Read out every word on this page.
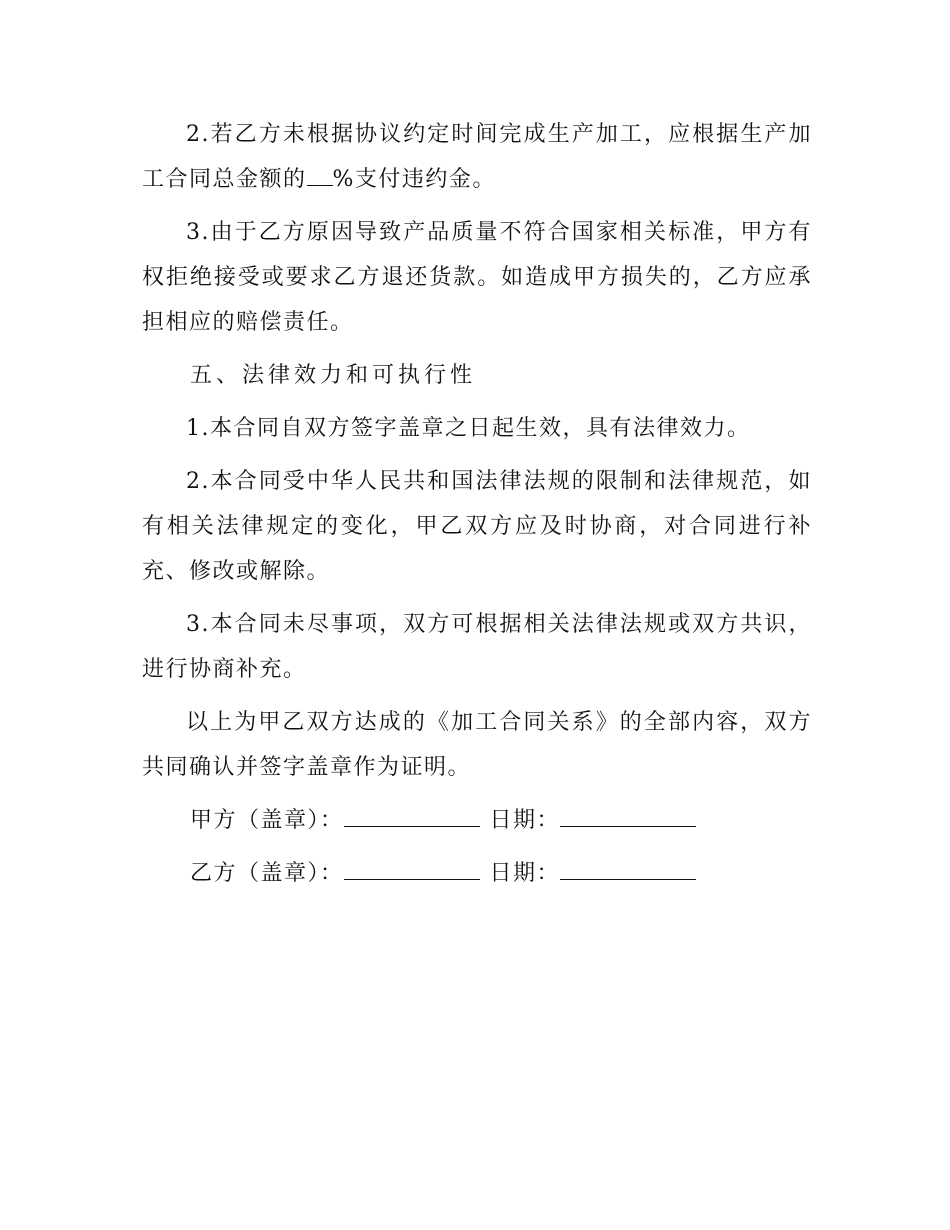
2.若乙方未根据协议约定时间完成生产加工，应根据生产加工合同总金额的 %支付违约金。

3.由于乙方原因导致产品质量不符合国家相关标准，甲方有权拒绝接受或要求乙方退还货款。如造成甲方损失的，乙方应承担相应的赔偿责任。

五、法律效力和可执行性

1.本合同自双方签字盖章之日起生效，具有法律效力。

2.本合同受中华人民共和国法律法规的限制和法律规范，如有相关法律规定的变化，甲乙双方应及时协商，对合同进行补充、修改或解除。

3.本合同未尽事项，双方可根据相关法律法规或双方共识，进行协商补充。

以上为甲乙双方达成的《加工合同关系》的全部内容，双方共同确认并签字盖章作为证明。

甲方（盖章）：	日期：
乙方（盖章）：	日期：
